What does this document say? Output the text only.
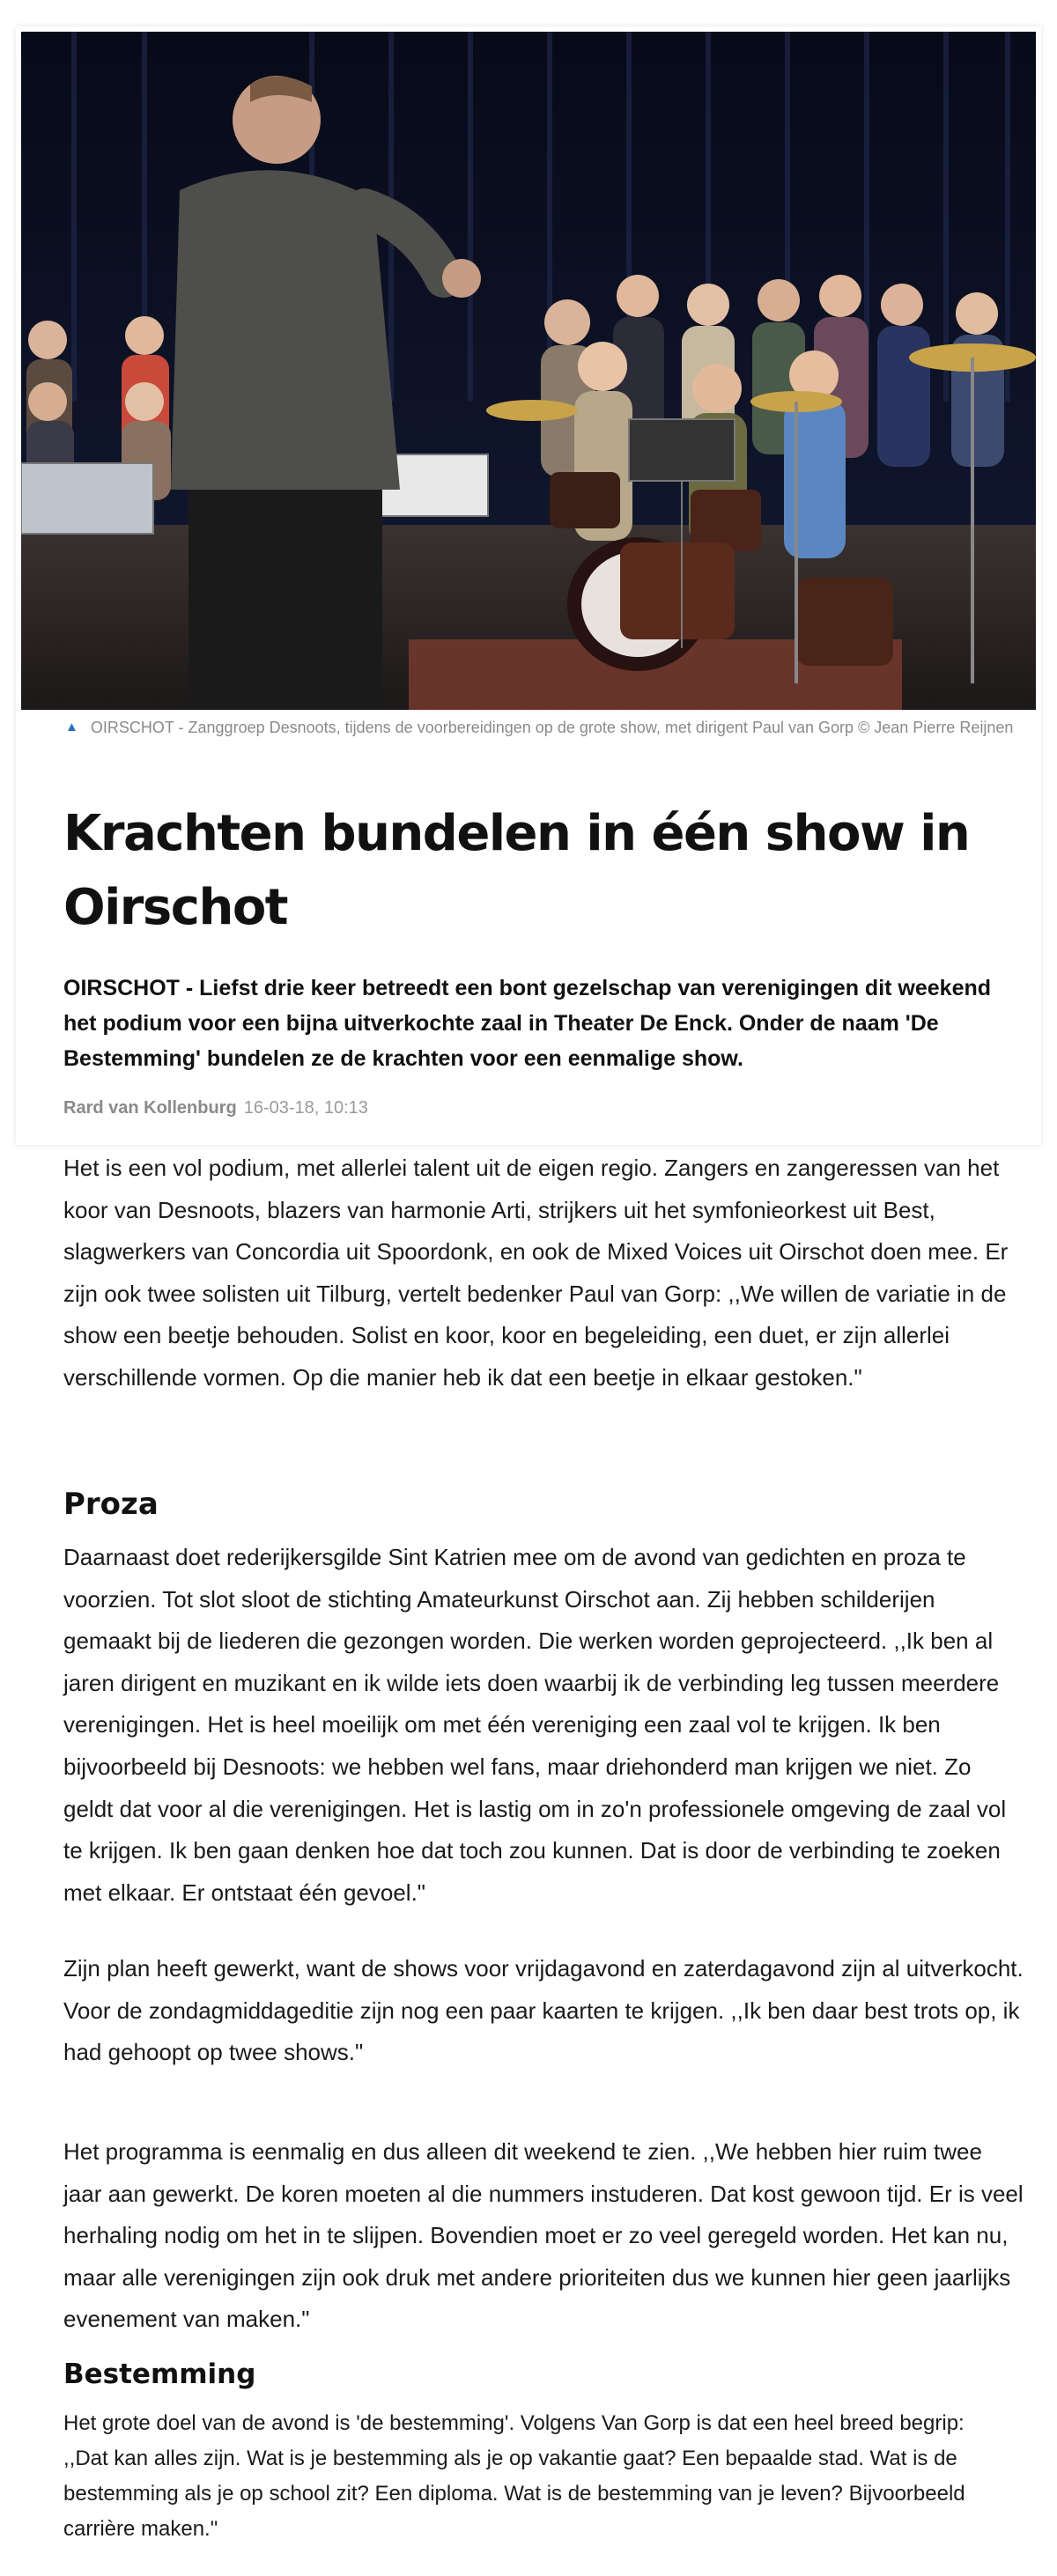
▲ OIRSCHOT - Zanggroep Desnoots, tijdens de voorbereidingen op de grote show, met dirigent Paul van Gorp © Jean Pierre Reijnen
Krachten bundelen in één show in Oirschot

OIRSCHOT - Liefst drie keer betreedt een bont gezelschap van verenigingen dit weekend het podium voor een bijna uitverkochte zaal in Theater De Enck. Onder de naam 'De Bestemming' bundelen ze de krachten voor een eenmalige show.

Rard van Kollenburg 16-03-18, 10:13

Het is een vol podium, met allerlei talent uit de eigen regio. Zangers en zangeressen van het koor van Desnoots, blazers van harmonie Arti, strijkers uit het symfonieorkest uit Best, slagwerkers van Concordia uit Spoordonk, en ook de Mixed Voices uit Oirschot doen mee. Er zijn ook twee solisten uit Tilburg, vertelt bedenker Paul van Gorp: ,,We willen de variatie in de show een beetje behouden. Solist en koor, koor en begeleiding, een duet, er zijn allerlei verschillende vormen. Op die manier heb ik dat een beetje in elkaar gestoken."

Proza

Daarnaast doet rederijkersgilde Sint Katrien mee om de avond van gedichten en proza te voorzien. Tot slot sloot de stichting Amateurkunst Oirschot aan. Zij hebben schilderijen gemaakt bij de liederen die gezongen worden. Die werken worden geprojecteerd. ,,Ik ben al jaren dirigent en muzikant en ik wilde iets doen waarbij ik de verbinding leg tussen meerdere verenigingen. Het is heel moeilijk om met één vereniging een zaal vol te krijgen. Ik ben bijvoorbeeld bij Desnoots: we hebben wel fans, maar driehonderd man krijgen we niet. Zo geldt dat voor al die verenigingen. Het is lastig om in zo'n professionele omgeving de zaal vol te krijgen. Ik ben gaan denken hoe dat toch zou kunnen. Dat is door de verbinding te zoeken met elkaar. Er ontstaat één gevoel."

Zijn plan heeft gewerkt, want de shows voor vrijdagavond en zaterdagavond zijn al uitverkocht. Voor de zondagmiddageditie zijn nog een paar kaarten te krijgen. ,,Ik ben daar best trots op, ik had gehoopt op twee shows."

Het programma is eenmalig en dus alleen dit weekend te zien. ,,We hebben hier ruim twee jaar aan gewerkt. De koren moeten al die nummers instuderen. Dat kost gewoon tijd. Er is veel herhaling nodig om het in te slijpen. Bovendien moet er zo veel geregeld worden. Het kan nu, maar alle verenigingen zijn ook druk met andere prioriteiten dus we kunnen hier geen jaarlijks evenement van maken."

Bestemming

Het grote doel van de avond is 'de bestemming'. Volgens Van Gorp is dat een heel breed begrip: ,,Dat kan alles zijn. Wat is je bestemming als je op vakantie gaat? Een bepaalde stad. Wat is de bestemming als je op school zit? Een diploma. Wat is de bestemming van je leven? Bijvoorbeeld carrière maken."
